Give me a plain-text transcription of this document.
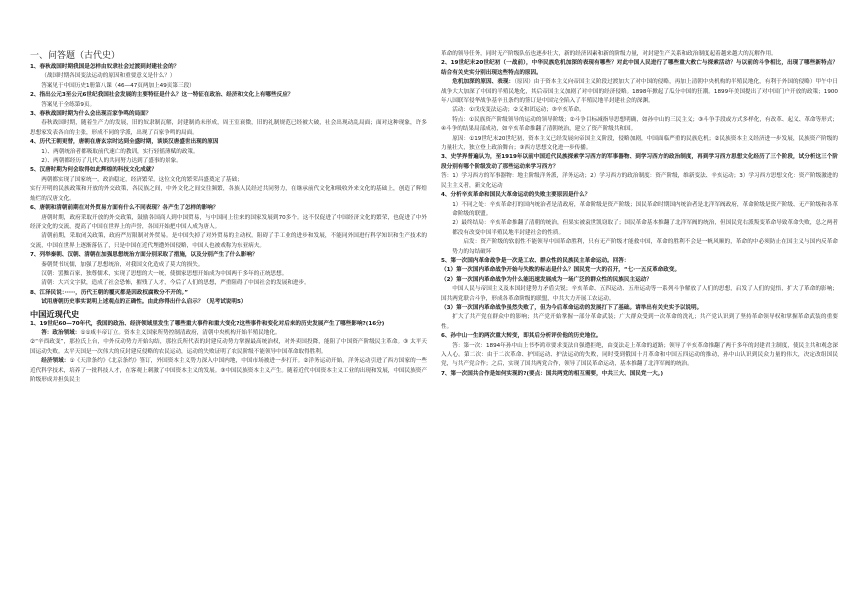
一、问答题（古代史）

1、春秋战国时期我国是怎样由奴隶社会过渡到封建社会的？

（战国时期各国变法运动的原因和重要意义是什么？）

答案见于中国历史1册第八课（46—47页两加上49页第三段）

2、指出公元3至公元6世纪我国社会发展的主要特征是什么？这一特征在政治、经济和文化上有哪些反应？

答案见于全练第9页。

3、春秋战国时期为什么会出现百家争鸣的局面？

春秋战国时期，随着生产力的发展，旧的奴隶制瓦解，封建制尚未形成，周王室衰微，旧的礼制规范已经被大破，社会出现动乱局面；面对这种现象，许多思想家发表各自的主张，形成不同的学派，出现了百家争鸣的局面。

4、历代王朝更替，唐朝在唐玄宗时达到全盛时期，谈谈汉唐盛世出现的原因

1）、两朝统治者都吸取前代速亡的教训，实行轻徭薄赋的政策。

2）、两朝都经历了几代人的共同努力达到了盛事的景象。

5、汉唐时期为何会取得如此辉煌的科技文化成就？

两朝都实现了国家统一，政治稳定，经济繁荣，这位文化的繁荣昌盛奠定了基础；

实行开明的民族政策和开放的外交政策，各民族之间，中外文化之间交往频繁，各族人民经过共同努力，在继承前代文化和吸收外来文化的基础上，创造了辉煌灿烂的汉唐文化。

6、唐朝和清朝前期在对外贸易方面有什么不同表现？各产生了怎样的影响？

唐朝时期，政府采取开放的外交政策，鼓励各国商人到中国贸易，与中国同上往来的国家发展到70多个。这不仅促进了中国经济文化的繁荣，也促进了中外经济文化的交流，提高了中国在世界上的声誉，各国开始把中国人成为唐人。

清朝前期，采取闭关政策，政府严厉限制对外贸易。是中国失掉了对外贸易的主动权，阻碍了手工业的进步和发展，不能同外国进行科学知识和生产技术的交流，中国在世界上逐渐落伍了，只是中国在近代埋遭外国侵略，中国人也被戏称为东亚病夫。

7、列举秦朝、汉朝、清朝在加强思想统治方面分别采取了措施，以及分别产生了什么影响？

秦朝焚书坑儒，加强了思想统治，对我国文化造成了莫大的损失。

汉朝：罢黜百家，独尊儒术，实现了思想的大一统，使儒家思想开始成为中国两千多年的正统思想。

清朝：大兴文字狱，造成了社会恐怖，摧残了人才，今后了人们的思想，严重阻碍了中国社会的发展和进步。

8、江泽民说：·····，历代王朝的覆灭都是因政权腐败分不开的。”

试用唐朝历史事实说明上述观点的正确性。由此你得出什么启示？（见考试说明5）

中国近现代史

1、19世纪60—70年代，我国的政治、经济领域里发生了哪些重大事件和重大变化?这些事件和变化对后来的历史发展产生了哪些影响?(16分)

答：政治领域：①①咸丰帝订立。资本主义国家所势控制清政府，清朝中央机构开始半殖民地化。

②“辛酉政变”，那拉氏上台，中外反动势力开始勾结，那拉氏所代表的封建反动势力掌握最高统治权，对外卖国投降，能阻了中国资产阶级民主革命。③ 太平天国运动失败。太平天国是一次伟大的反封建反侵略的农民运动，运动的失败证明了农民阶级不能领导中国革命取得胜利。

经济领域：①《天津条约》《北京条约》签订，外国资本主义势力深入中国内地，中国市场被进一步打开。②洋务运动开始，洋务运动引进了西方国家的一些近代科学技术，培养了一批科技人才，在客观上刺激了中国资本主义的发展。③中国民族资本主义产生。随着近代中国资本主义工业的出现和发展，中国民族资产阶级形成并担负民主

革命的领导任务，同时无产阶级队伍也逐步壮大，新的经济因素和新的阶级力量，对封建生产关系和政治制度起着越来越大的瓦解作用。

2、19世纪末20世纪初（一战前），中华民族危机加深的表现有哪些？对此中国人民进行了哪些重大救亡与探索活动？与以前的斗争相比，出现了哪些新特点？结合有关史实分别出现这些特点的原因。

危机加深的原因、表现：（原因）由于资本主义向帝国主义阶段过渡加大了对中国的侵略，再加上清朝中央机构的半殖民地化，有利于外国的侵略）甲午中日战争大大加深了中国的半殖民地化，其后帝国主义加剧了对中国的经济侵略。1898年掀起了瓜分中国的狂潮。1899年美国提出了对中国门户开放的政策；1900年八国联军侵华战争基辛丑条约的签订是中国完全陷入了半殖民地半封建社会的深渊。

活动：①戊戌变法运动；②义和团运动；③辛亥革命。

特点：①民族资产阶级领导的运动的领导阶级；②斗争目标减指导思想明确，如孙中山的三民主义；③斗争手段或方式多样化，有改革、起义、革命等形式；④斗争的结果局部成功，如辛亥革命推翻了清朝统治，建立了资产阶级共和国。

原因：①19世纪末20世纪初，资本主义已经发展向帝国主义阶段，侵略加剧，中国面临严重的民族危机；②民族资本主义经济进一步发展，民族资产阶级的力量壮大，独立登上政治舞台；③西方思想文化进一步传播。

3、史学界普遍认为，至1919年以前中国近代民族探索学习西方的军事器物、到学习西方的政治制度，再到学习西方思想文化经历了三个阶段，试分析这三个阶段分别有哪个阶级发动了那些运动来学习西方？

答：1）学习西方的军事器物：地主阶级洋务派，洋务运动；2）学习西方的政治制度：资产阶级，维新变法、辛亥运动；3）学习西方思想文化：资产阶级激进的民主主义者，新文化运动

4、分析辛亥革命和国民大革命运动的失败主要原因是什么？

1）不同之处：辛亥革命打的国内统治者是清政府，革命阶级是资产阶级；国民革命时期国内统治者是北洋军阀政府，革命阶级是资产阶级、无产阶级和各革命阶级的联盟。

2）最终结局：辛亥革命推翻了清朝的统治，但果实被袁世凯窃取了；国民革命基本推翻了北洋军阀的统治，但国民党右派叛变革命导致革命失败，总之两者都没有改变中国半殖民地半封建社会的性质。

启发：资产阶级的软弱性不能领导中国革命胜利，只有无产阶级才能救中国，革命的胜利不会是一帆风顺的，革命的中必须防止在国主义与国内反革命势力的勾结破坏

5、第一次国内革命战争是一次是工农、群众性的民族民主革命运动。回答：

（1）第一次国内革命战争开始与失败的标志是什么？国民党一大的召开，“七·一五反革命政变。

（2）第一次国内革命战争为什么能迅速发展成为一场广泛的群众性的民族民主运动？

中国人民与帝国主义及本国封建势力矛盾尖锐；辛亥革命、五四运动、五卅运动等一系列斗争解放了人们的思想，启发了人们的觉悟，扩大了革命的影响；国共两党联合斗争，形成各革命阶级的联盟，中共大力开展工农运动。

（3）第一次国内革命战争虽然失败了，但为今后革命运动的发展打下了基础。请举出有关史实予以说明。

扩大了共产党在群众中的影响；共产党开始掌握一部分革命武装；广大群众受到一次革命的洗礼；共产党认识到了坚持革命领导权和掌握革命武装的重要性。

6、孙中山一生的两次重大转变，即其后分析评价他的历史地位。

答：第一次：1894年孙中山上书李鸿章要求变法自强遭拒绝，由变法走上革命的道路；领导了辛亥革命推翻了两千多年的封建君主制度，使民主共和观念深入人心。第二次：由于二次革命、护国运动、护法运动的失败，同时受到俄国十月革命和中国五四运动的推动，孙中山认识到民众力量的伟大，决定改组国民党，与共产党合作；之后，实现了国共两党合作，领导了国民革命运动，基本推翻了北洋军阀的统治。

7、第一次国共合作是如何实现的?(要点：国共两党的相互需要，中共三大、国民党一大。)
